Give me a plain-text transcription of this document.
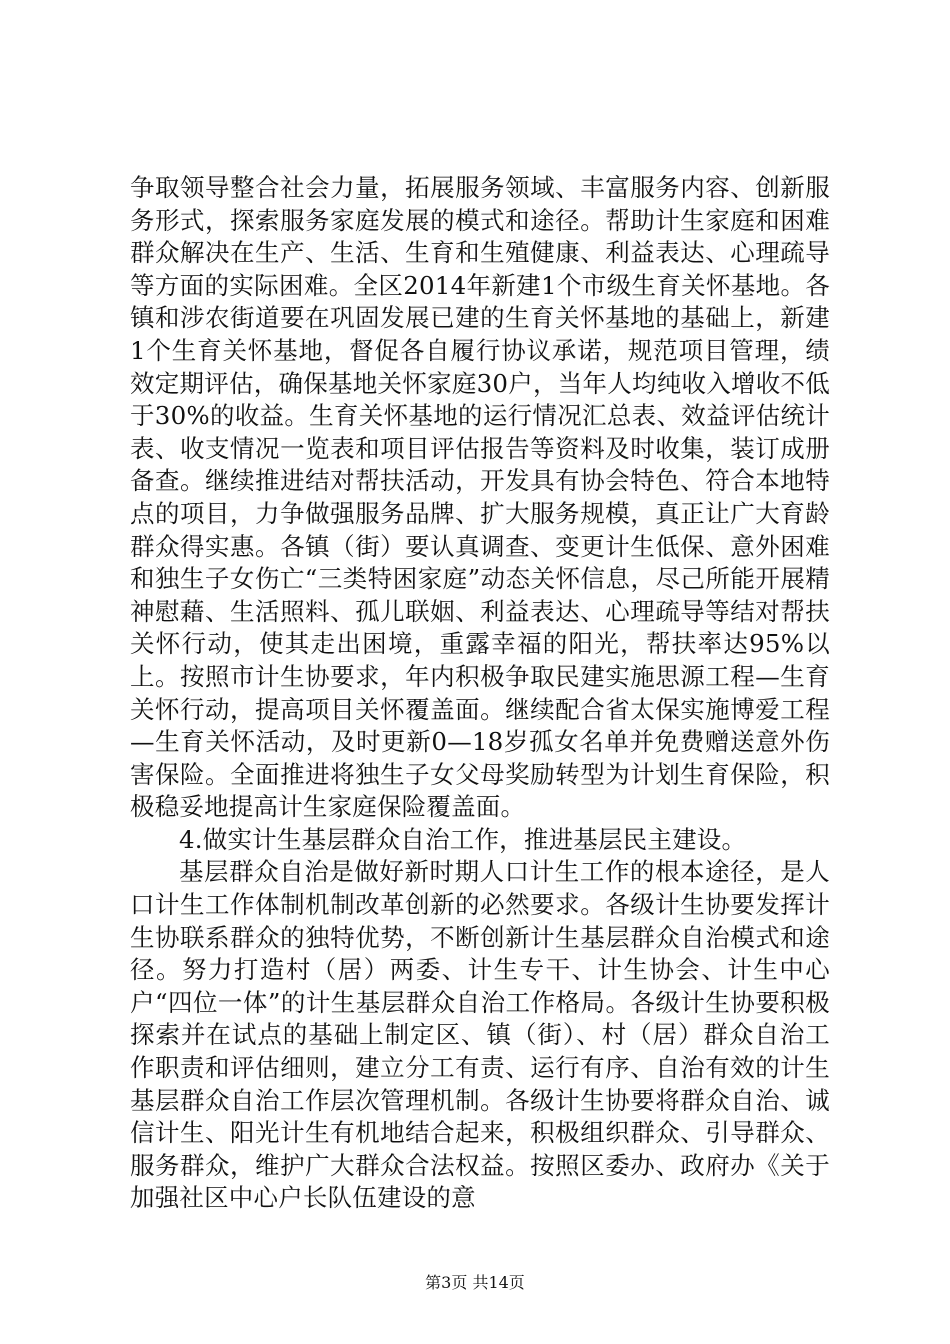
争取领导整合社会力量，拓展服务领域、丰富服务内容、创新服务形式，探索服务家庭发展的模式和途径。帮助计生家庭和困难群众解决在生产、生活、生育和生殖健康、利益表达、心理疏导等方面的实际困难。全区2014年新建1个市级生育关怀基地。各镇和涉农街道要在巩固发展已建的生育关怀基地的基础上，新建1个生育关怀基地，督促各自履行协议承诺，规范项目管理，绩效定期评估，确保基地关怀家庭30户，当年人均纯收入增收不低于30%的收益。生育关怀基地的运行情况汇总表、效益评估统计表、收支情况一览表和项目评估报告等资料及时收集，装订成册备查。继续推进结对帮扶活动，开发具有协会特色、符合本地特点的项目，力争做强服务品牌、扩大服务规模，真正让广大育龄群众得实惠。各镇（街）要认真调查、变更计生低保、意外困难和独生子女伤亡“三类特困家庭”动态关怀信息，尽己所能开展精神慰藉、生活照料、孤儿联姻、利益表达、心理疏导等结对帮扶关怀行动，使其走出困境，重露幸福的阳光，帮扶率达95%以上。按照市计生协要求，年内积极争取民建实施思源工程—生育关怀行动，提高项目关怀覆盖面。继续配合省太保实施博爱工程—生育关怀活动，及时更新0—18岁孤女名单并免费赠送意外伤害保险。全面推进将独生子女父母奖励转型为计划生育保险，积极稳妥地提高计生家庭保险覆盖面。

4.做实计生基层群众自治工作，推进基层民主建设。

基层群众自治是做好新时期人口计生工作的根本途径，是人口计生工作体制机制改革创新的必然要求。各级计生协要发挥计生协联系群众的独特优势，不断创新计生基层群众自治模式和途径。努力打造村（居）两委、计生专干、计生协会、计生中心户“四位一体”的计生基层群众自治工作格局。各级计生协要积极探索并在试点的基础上制定区、镇（街）、村（居）群众自治工作职责和评估细则，建立分工有责、运行有序、自治有效的计生基层群众自治工作层次管理机制。各级计生协要将群众自治、诚信计生、阳光计生有机地结合起来，积极组织群众、引导群众、服务群众，维护广大群众合法权益。按照区委办、政府办《关于加强社区中心户长队伍建设的意

第3页 共14页
